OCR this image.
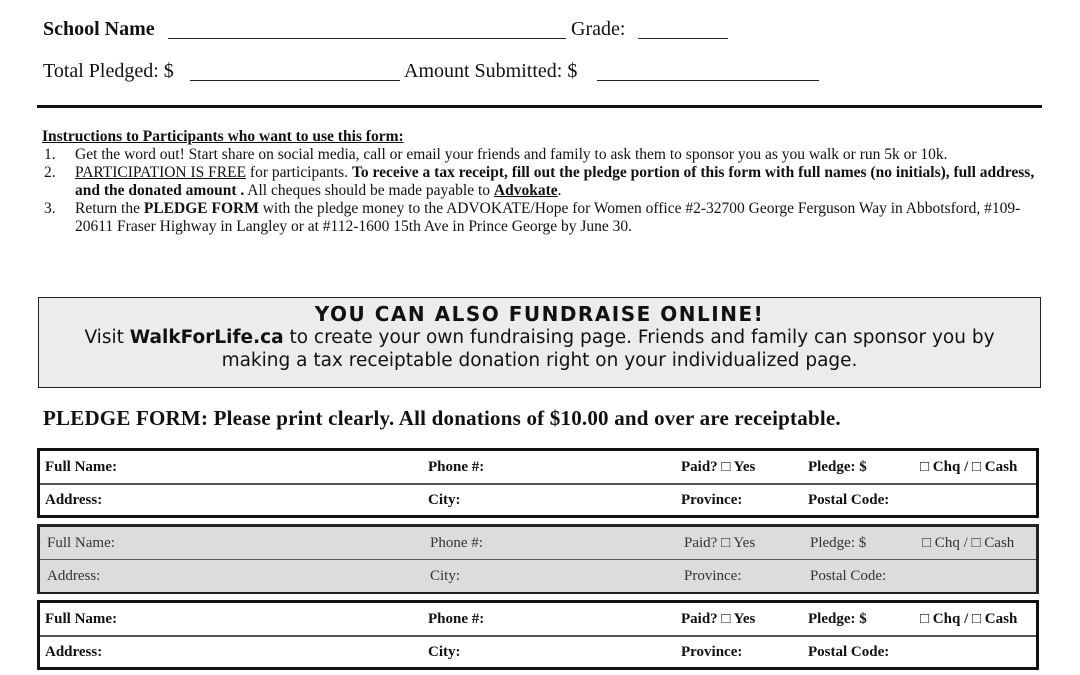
School Name	Grade:
Total Pledged: $	Amount Submitted: $
Instructions to Participants who want to use this form:
1. Get the word out! Start share on social media, call or email your friends and family to ask them to sponsor you as you walk or run 5k or 10k.
2. PARTICIPATION IS FREE for participants. To receive a tax receipt, fill out the pledge portion of this form with full names (no initials), full address, and the donated amount . All cheques should be made payable to Advokate.
3. Return the PLEDGE FORM with the pledge money to the ADVOKATE/Hope for Women office #2-32700 George Ferguson Way in Abbotsford, #109-20611 Fraser Highway in Langley or at #112-1600 15th Ave in Prince George by June 30.
YOU CAN ALSO FUNDRAISE ONLINE!
Visit WalkForLife.ca to create your own fundraising page. Friends and family can sponsor you by
making a tax receiptable donation right on your individualized page.
PLEDGE FORM: Please print clearly. All donations of $10.00 and over are receiptable.
Full Name:	Phone #:	Paid? □ Yes	Pledge: $	□ Chq / □ Cash
Address:	City:	Province:	Postal Code:
Full Name:	Phone #:	Paid? □ Yes	Pledge: $	□ Chq / □ Cash
Address:	City:	Province:	Postal Code:
Full Name:	Phone #:	Paid? □ Yes	Pledge: $	□ Chq / □ Cash
Address:	City:	Province:	Postal Code:
